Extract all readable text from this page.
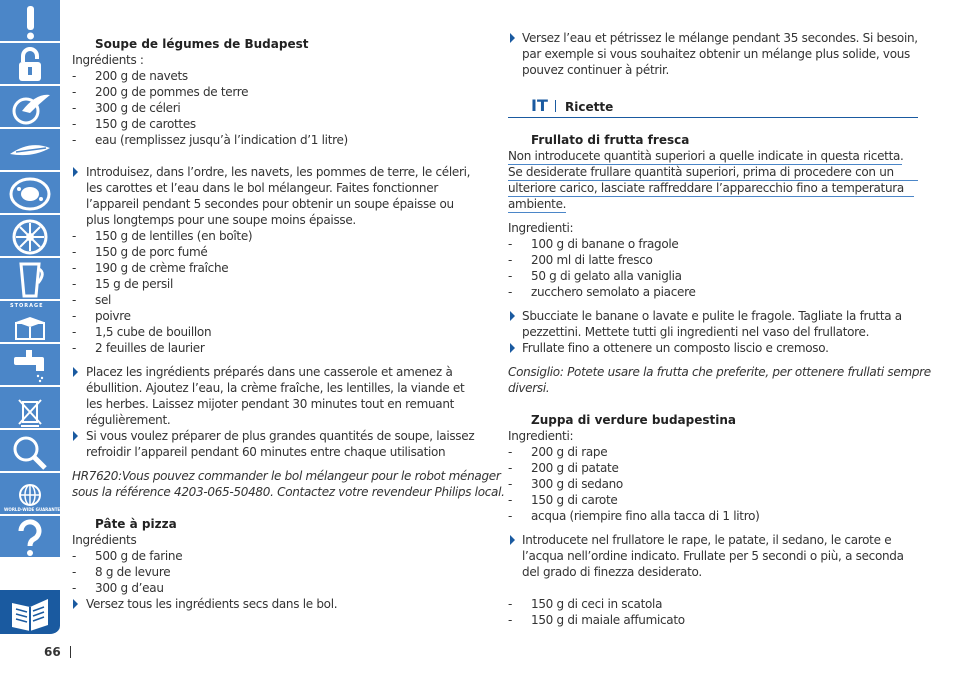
STORAGE
WORLD-WIDE GUARANTEE
66
Soupe de légumes de Budapest
Ingrédients :
- 200 g de navets
- 200 g de pommes de terre
- 300 g de céleri
- 150 g de carottes
- eau (remplissez jusqu’à l’indication d’1 litre)
Introduisez, dans l’ordre, les navets, les pommes de terre, le céleri,
les carottes et l’eau dans le bol mélangeur. Faites fonctionner
l’appareil pendant 5 secondes pour obtenir un soupe épaisse ou
plus longtemps pour une soupe moins épaisse.
- 150 g de lentilles (en boîte)
- 150 g de porc fumé
- 190 g de crème fraîche
- 15 g de persil
- sel
- poivre
- 1,5 cube de bouillon
- 2 feuilles de laurier
Placez les ingrédients préparés dans une casserole et amenez à
ébullition. Ajoutez l’eau, la crème fraîche, les lentilles, la viande et
les herbes. Laissez mijoter pendant 30 minutes tout en remuant
régulièrement.
Si vous voulez préparer de plus grandes quantités de soupe, laissez
refroidir l’appareil pendant 60 minutes entre chaque utilisation
HR7620:Vous pouvez commander le bol mélangeur pour le robot ménager
sous la référence 4203-065-50480. Contactez votre revendeur Philips local.
Pâte à pizza
Ingrédients
- 500 g de farine
- 8 g de levure
- 300 g d’eau
Versez tous les ingrédients secs dans le bol.
Versez l’eau et pétrissez le mélange pendant 35 secondes. Si besoin,
par exemple si vous souhaitez obtenir un mélange plus solide, vous
pouvez continuer à pétrir.
IT Ricette
Frullato di frutta fresca
Non introducete quantità superiori a quelle indicate in questa ricetta.
Se desiderate frullare quantità superiori, prima di procedere con un
ulteriore carico, lasciate raffreddare l’apparecchio fino a temperatura
ambiente.
Ingredienti:
- 100 g di banane o fragole
- 200 ml di latte fresco
- 50 g di gelato alla vaniglia
- zucchero semolato a piacere
Sbucciate le banane o lavate e pulite le fragole. Tagliate la frutta a
pezzettini. Mettete tutti gli ingredienti nel vaso del frullatore.
Frullate fino a ottenere un composto liscio e cremoso.
Consiglio: Potete usare la frutta che preferite, per ottenere frullati sempre
diversi.
Zuppa di verdure budapestina
Ingredienti:
- 200 g di rape
- 200 g di patate
- 300 g di sedano
- 150 g di carote
- acqua (riempire fino alla tacca di 1 litro)
Introducete nel frullatore le rape, le patate, il sedano, le carote e
l’acqua nell’ordine indicato. Frullate per 5 secondi o più, a seconda
del grado di finezza desiderato.
- 150 g di ceci in scatola
- 150 g di maiale affumicato
